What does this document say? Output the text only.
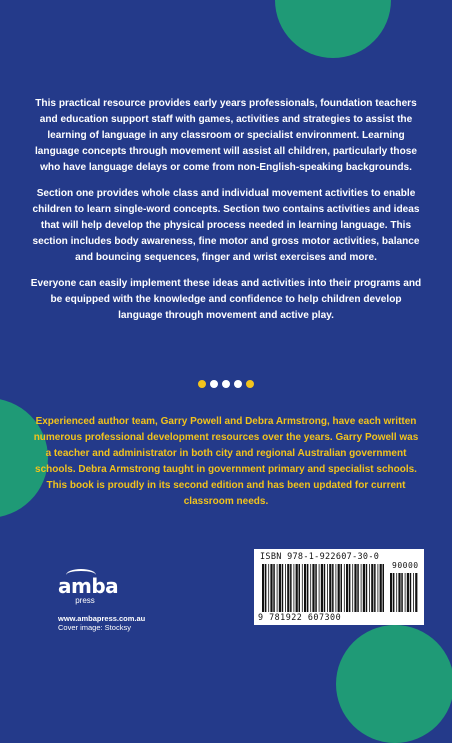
This practical resource provides early years professionals, foundation teachers and education support staff with games, activities and strategies to assist the learning of language in any classroom or specialist environment. Learning language concepts through movement will assist all children, particularly those who have language delays or come from non-English-speaking backgrounds.

Section one provides whole class and individual movement activities to enable children to learn single-word concepts. Section two contains activities and ideas that will help develop the physical process needed in learning language. This section includes body awareness, fine motor and gross motor activities, balance and bouncing sequences, finger and wrist exercises and more.

Everyone can easily implement these ideas and activities into their programs and be equipped with the knowledge and confidence to help children develop language through movement and active play.

Experienced author team, Garry Powell and Debra Armstrong, have each written numerous professional development resources over the years. Garry Powell was a teacher and administrator in both city and regional Australian government schools. Debra Armstrong taught in government primary and specialist schools. This book is proudly in its second edition and has been updated for current classroom needs.
amba
press
www.ambapress.com.au
Cover image: Stocksy
ISBN 978-1-922607-30-0
90000
9 781922 607300
